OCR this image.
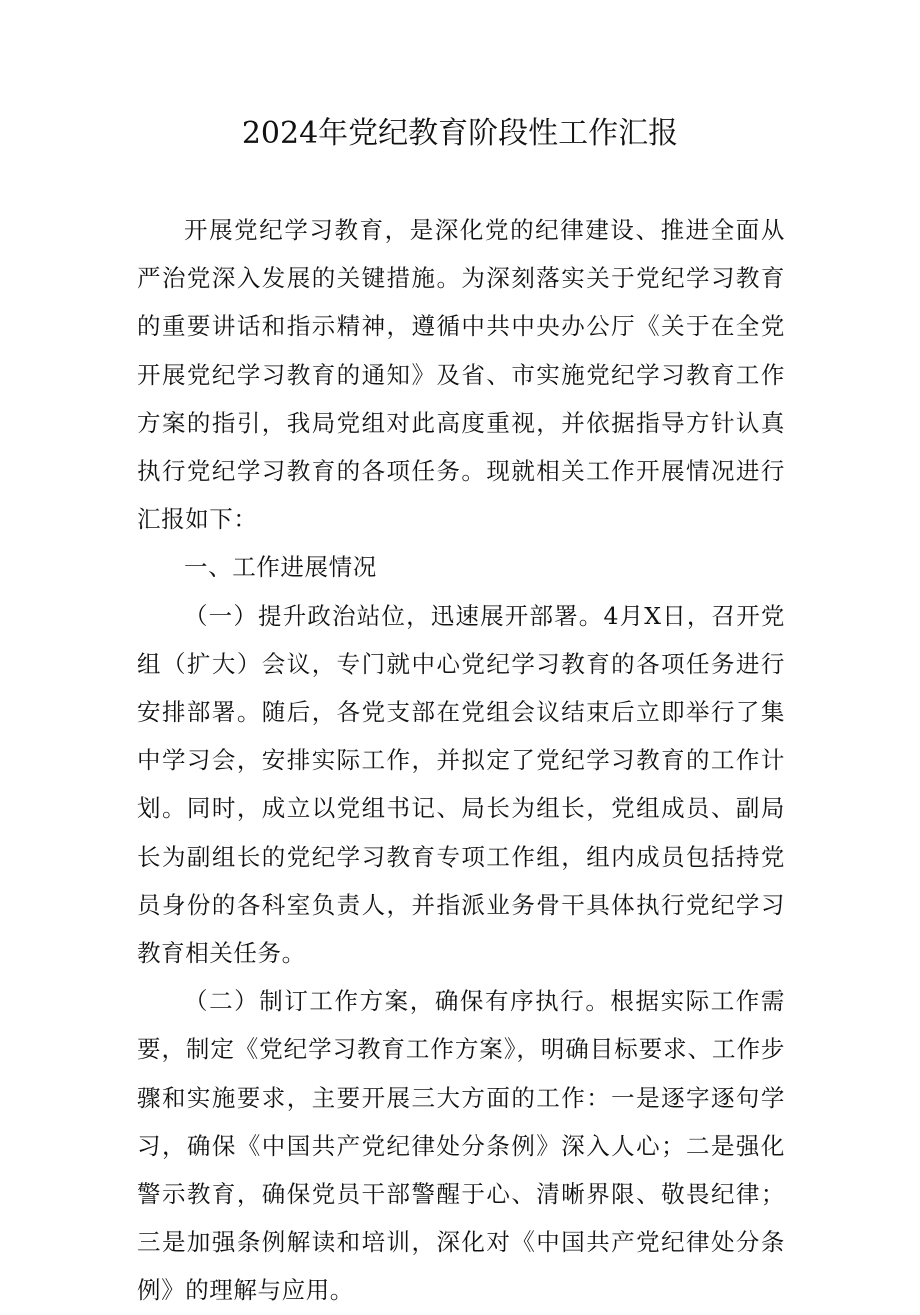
2024年党纪教育阶段性工作汇报

开展党纪学习教育，是深化党的纪律建设、推进全面从严治党深入发展的关键措施。为深刻落实关于党纪学习教育的重要讲话和指示精神，遵循中共中央办公厅《关于在全党开展党纪学习教育的通知》及省、市实施党纪学习教育工作方案的指引，我局党组对此高度重视，并依据指导方针认真执行党纪学习教育的各项任务。现就相关工作开展情况进行汇报如下：

一、工作进展情况

（一）提升政治站位，迅速展开部署。4月X日，召开党组（扩大）会议，专门就中心党纪学习教育的各项任务进行安排部署。随后，各党支部在党组会议结束后立即举行了集中学习会，安排实际工作，并拟定了党纪学习教育的工作计划。同时，成立以党组书记、局长为组长，党组成员、副局长为副组长的党纪学习教育专项工作组，组内成员包括持党员身份的各科室负责人，并指派业务骨干具体执行党纪学习教育相关任务。

（二）制订工作方案，确保有序执行。根据实际工作需要，制定《党纪学习教育工作方案》，明确目标要求、工作步骤和实施要求，主要开展三大方面的工作：一是逐字逐句学习，确保《中国共产党纪律处分条例》深入人心；二是强化警示教育，确保党员干部警醒于心、清晰界限、敬畏纪律；三是加强条例解读和培训，深化对《中国共产党纪律处分条例》的理解与应用。
